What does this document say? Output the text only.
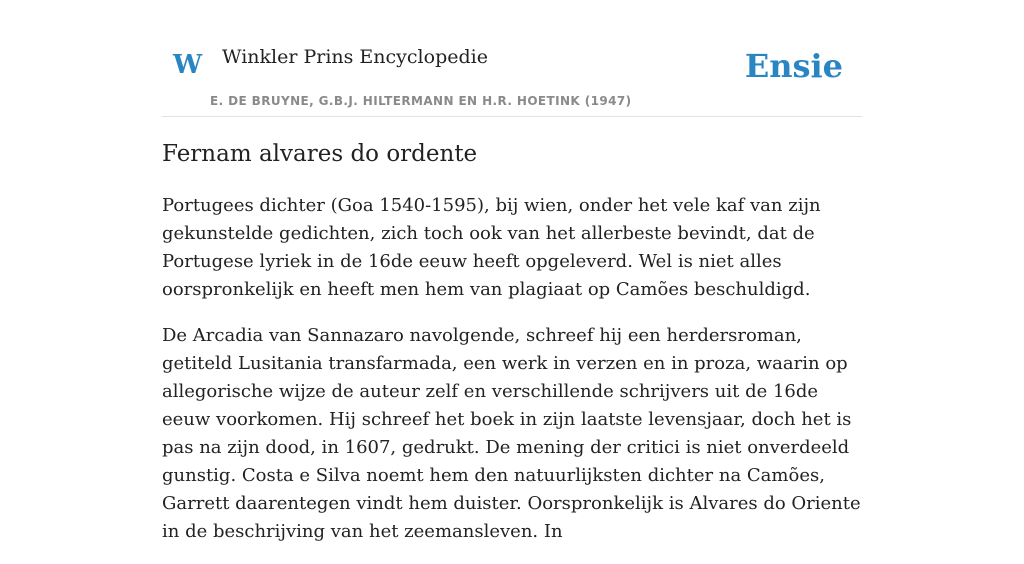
W Winkler Prins Encyclopedie
E. DE BRUYNE, G.B.J. HILTERMANN EN H.R. HOETINK (1947)
Ensie
Fernam alvares do ordente

Portugees dichter (Goa 1540-1595), bij wien, onder het vele kaf van zijn gekunstelde gedichten, zich toch ook van het allerbeste bevindt, dat de Portugese lyriek in de 16de eeuw heeft opgeleverd. Wel is niet alles oorspronkelijk en heeft men hem van plagiaat op Camões beschuldigd.

De Arcadia van Sannazaro navolgende, schreef hij een herdersroman, getiteld Lusitania transfarmada, een werk in verzen en in proza, waarin op allegorische wijze de auteur zelf en verschillende schrijvers uit de 16de eeuw voorkomen. Hij schreef het boek in zijn laatste levensjaar, doch het is pas na zijn dood, in 1607, gedrukt. De mening der critici is niet onverdeeld gunstig. Costa e Silva noemt hem den natuurlijksten dichter na Camões, Garrett daarentegen vindt hem duister. Oorspronkelijk is Alvares do Oriente in de beschrijving van het zeemansleven. In
